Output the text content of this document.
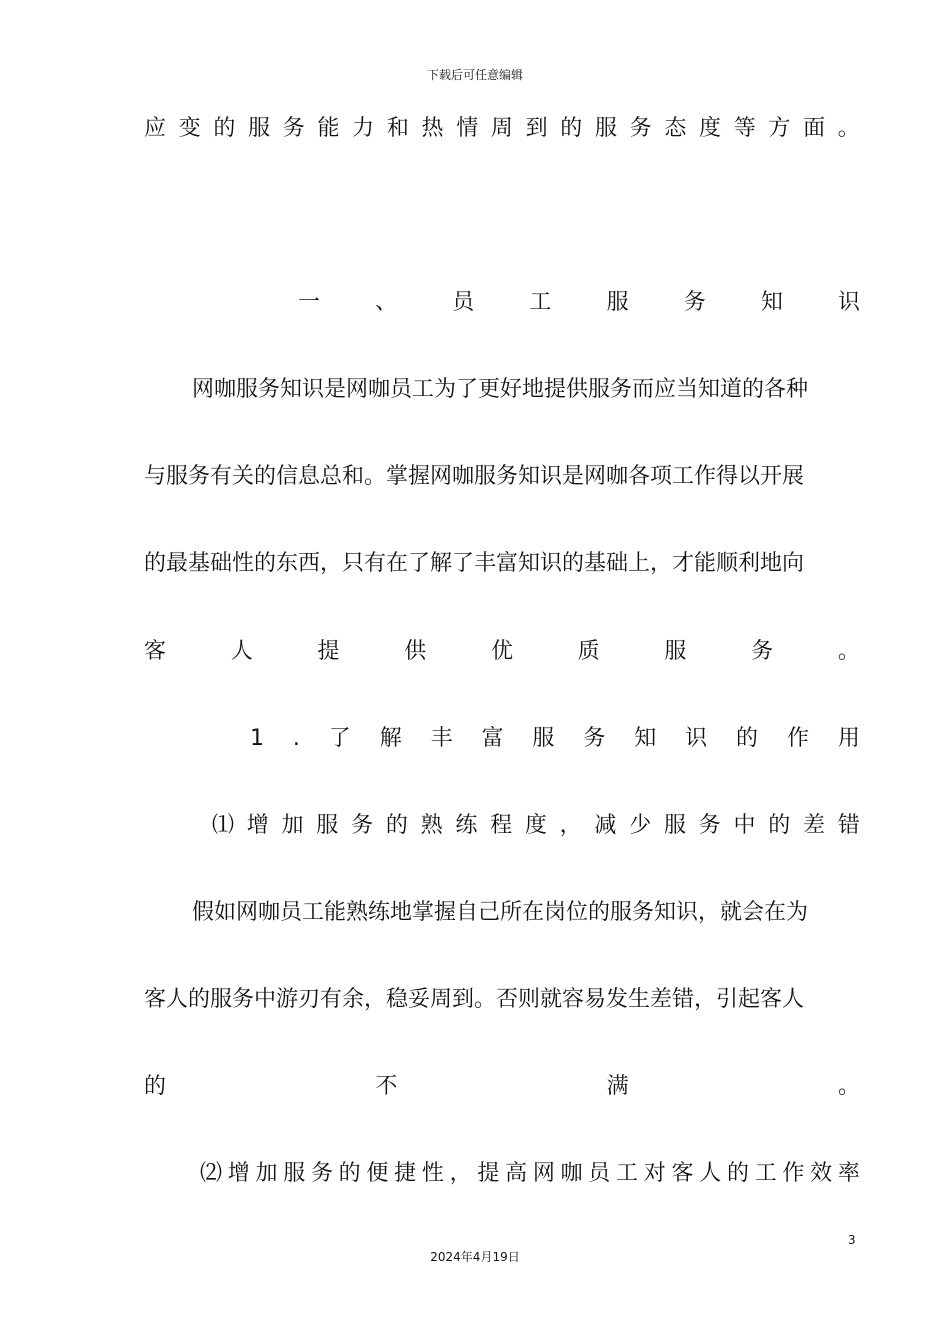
下载后可任意编辑
应 变 的 服 务 能 力 和 热 情 周 到 的 服 务 态 度 等 方 面 。
一	、	员	工	服	务	知	识
网咖服务知识是网咖员工为了更好地提供服务而应当知道的各种
与服务有关的信息总和。掌握网咖服务知识是网咖各项工作得以开展
的最基础性的东西，只有在了解了丰富知识的基础上，才能顺利地向
客	人	提	供	优	质	服	务	。
1 . 了 解 丰 富 服 务 知 识 的 作 用
⑴ 增 加 服 务 的 熟 练 程 度 ， 减 少 服 务 中 的 差 错
假如网咖员工能熟练地掌握自己所在岗位的服务知识，就会在为
客人的服务中游刃有余，稳妥周到。否则就容易发生差错，引起客人
的	不	满	。
⑵ 增 加 服 务 的 便 捷 性 ， 提 高 网 咖 员 工 对 客 人 的 工 作 效 率
3
2024年4月19日
